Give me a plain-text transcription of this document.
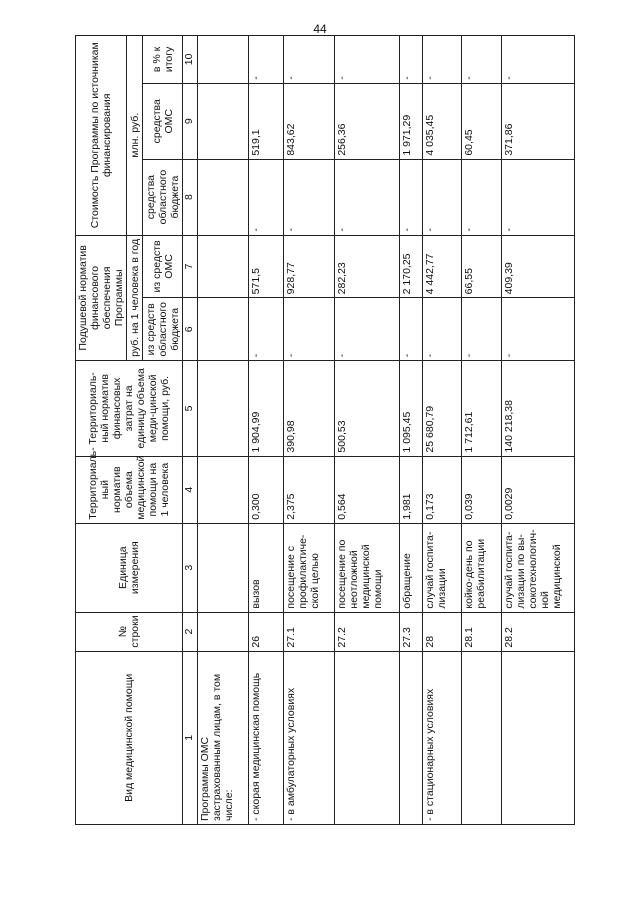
44
Вид медицинской помощи	№ строки	Единица измерения	Территориаль-ный норматив объема медицинской помощи на 1 человека	Территориаль-ный норматив финансовых затрат на единицу объема меди-цинской помощи, руб.	Подушевой норматив финансового обеспечения Программы		Стоимость Программы по источникам финансирования		
					руб. на 1 человека в год		млн. руб.		
					из средств областного бюджета	из средств ОМС	средства областного бюджета	средства ОМС	в % к итогу
1	2	3	4	5	6	7	8	9	10
Программы ОМС застрахованным лицам, в том числе:									
- скорая медицинская помощь	26	вызов	0,300	1 904,99	-	571,5	-	519,1	-
- в амбулаторных условиях	27.1	посещение с профилактиче-ской целью	2,375	390,98	-	928,77	-	843,62	-
	27.2	посещение по неотложной медицинской помощи	0,564	500,53	-	282,23	-	256,36	-
	27.3	обращение	1,981	1 095,45	-	2 170,25	-	1 971,29	-
- в стационарных условиях	28	случай госпита-лизации	0,173	25 680,79	-	4 442,77	-	4 035,45	-
	28.1	койко-день по реабилитации	0,039	1 712,61	-	66,55	-	60,45	-
	28.2	случай госпита-лизации по вы-сокотехнологич-ной медицинской	0,0029	140 218,38	-	409,39	-	371,86	-
